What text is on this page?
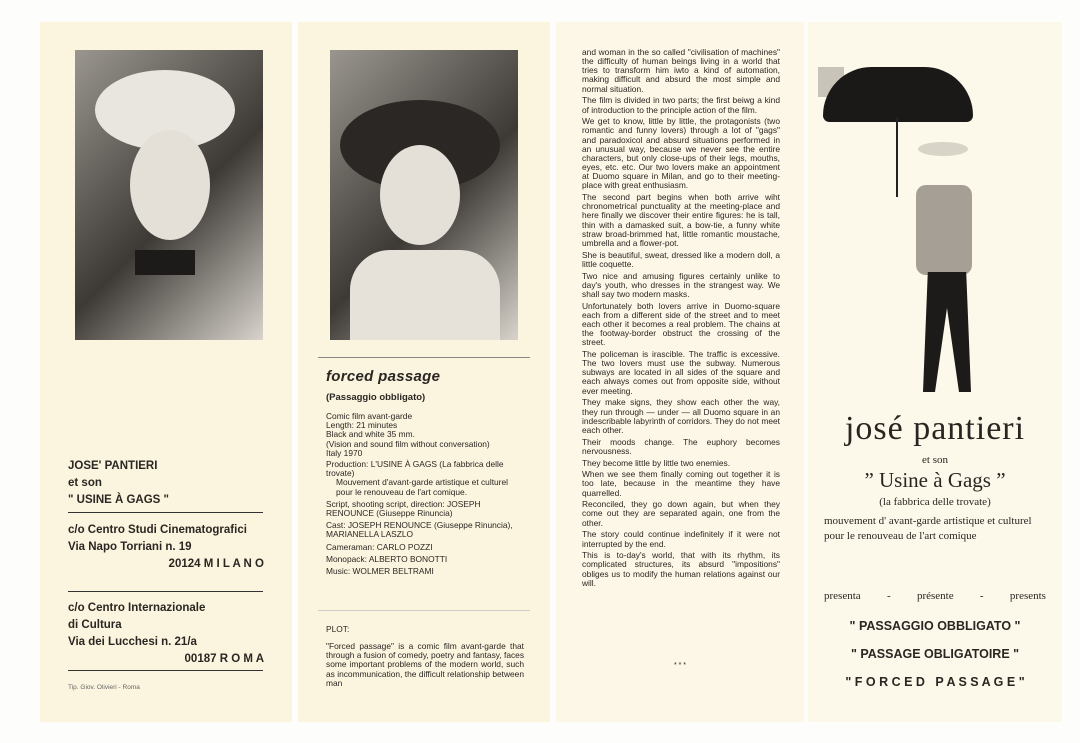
JOSE' PANTIERI
et son
" USINE À GAGS "
c/o Centro Studi Cinematografici
Via Napo Torriani n. 19
20124 M I L A N O
c/o Centro Internazionale
di Cultura
Via dei Lucchesi n. 21/a
00187 R O M A
Tip. Giov. Olivieri - Roma
forced passage
(Passaggio obbligato)
Comic film avant-garde
Length: 21 minutes
Black and white 35 mm.
(Vision and sound film without conversation)
Italy 1970
Production: L'USINE À GAGS (La fabbrica delle trovate)
Mouvement d'avant-garde artistique et culturel pour le renouveau de l'art comique.
Script, shooting script, direction: JOSEPH RENOUNCE (Giuseppe Rinuncia)
Cast: JOSEPH RENOUNCE (Giuseppe Rinuncia), MARIANELLA LASZLO
Cameraman: CARLO POZZI
Monopack: ALBERTO BONOTTI
Music: WOLMER BELTRAMI
PLOT:
"Forced passage" is a comic film avant-garde that through a fusion of comedy, poetry and fantasy, faces some important problems of the modern world, such as incommunication, the difficult relationship between man

and woman in the so called "civilisation of machines" the difficulty of human beings living in a world that tries to transform him iwto a kind of automation, making difficult and absurd the most simple and normal situation.

The film is divided in two parts; the first beiwg a kind of introduction to the principle action of the film.

We get to know, little by little, the protagonists (two romantic and funny lovers) through a lot of "gags" and paradoxicol and absurd situations performed in an unusual way, because we never see the entire characters, but only close-ups of their legs, mouths, eyes, etc. etc. Our two lovers make an appointment at Duomo square in Milan, and go to their meeting-place with great enthusiasm.

The second part begins when both arrive wiht chronometrical punctuality at the meeting-place and here finally we discover their entire figures: he is tall, thin with a damasked suit, a bow-tie, a funny white straw broad-brimmed hat, little romantic moustache, umbrella and a flower-pot.

She is beautiful, sweat, dressed like a modern doll, a little coquette.

Two nice and amusing figures certainly unlike to day's youth, who dresses in the strangest way. We shall say two modern masks.

Unfortunately both lovers arrive in Duomo-square each from a different side of the street and to meet each other it becomes a real problem. The chains at the footway-border obstruct the crossing of the street.

The policeman is irascible. The traffic is excessive. The two lovers must use the subway. Numerous subways are located in all sides of the square and each always comes out from opposite side, without ever meeting.

They make signs, they show each other the way, they run through — under — all Duomo square in an indescribable labyrinth of corridors. They do not meet each other.

Their moods change. The euphory becomes nervousness.

They become little by little two enemies.

When we see them finally coming out together it is too late, because in the meantime they have quarrelled.

Reconciled, they go down again, but when they come out they are separated again, one from the other.

The story could continue indefinitely if it were not interrupted by the end.

This is to-day's world, that with its rhythm, its complicated structures, its absurd "impositions" obliges us to modify the human relations against our will.

* * *
josé pantieri
et son
” Usine à Gags ”
(la fabbrica delle trovate)
mouvement d' avant-garde artistique et culturel pour le renouveau de l'art comique
presenta - présente - presents
" PASSAGGIO OBBLIGATO "
" PASSAGE OBLIGATOIRE "
" F O R C E D   P A S S A G E "
